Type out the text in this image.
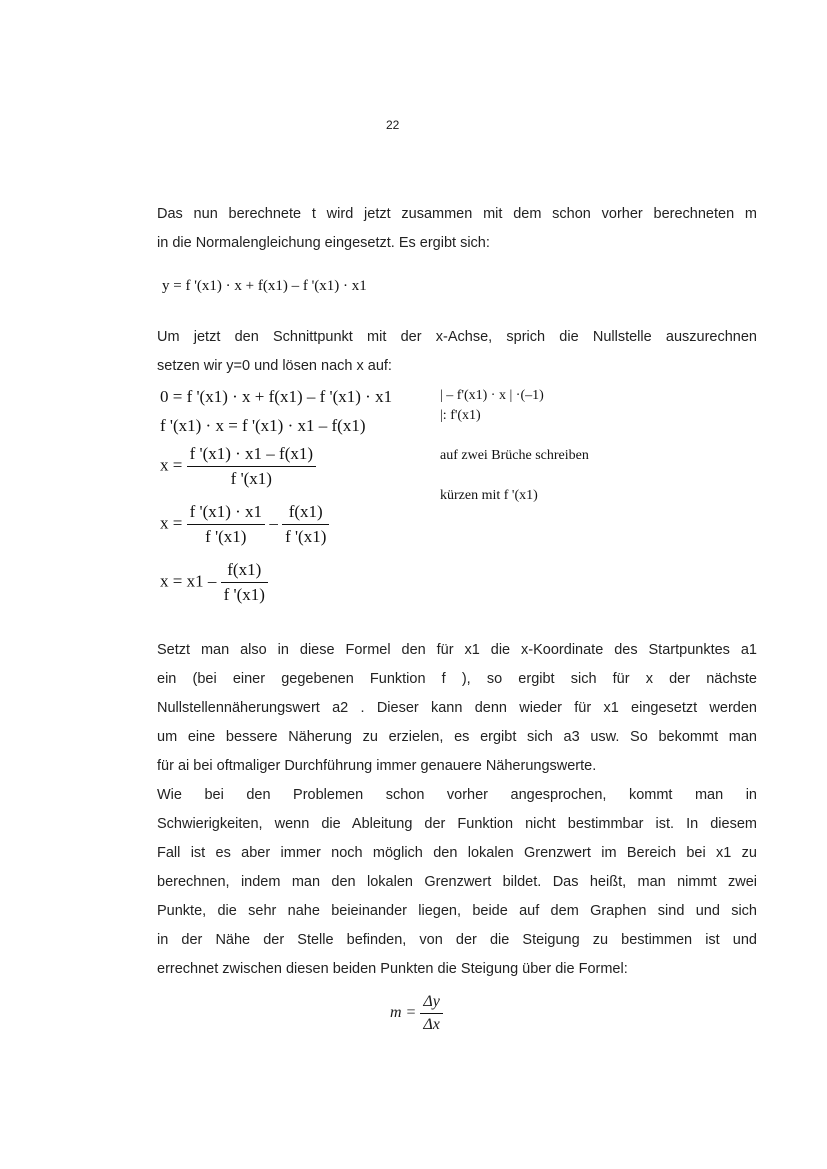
22
Das nun berechnete t wird jetzt zusammen mit dem schon vorher berechneten m
in die Normalengleichung eingesetzt. Es ergibt sich:
y = f '(x1) · x + f(x1) – f '(x1) · x1
Um jetzt den Schnittpunkt mit der x-Achse, sprich die Nullstelle auszurechnen
setzen wir y=0 und lösen nach x auf:
0 = f '(x1) · x + f(x1) – f '(x1) · x1
f '(x1) · x = f '(x1) · x1 – f(x1)
$x = \frac{f '(x1) \cdot x1 - f(x1)}{f '(x1)}$
$x = \frac{f '(x1) \cdot x1}{f '(x1)} - \frac{f(x1)}{f '(x1)}$
$x = x1 - \frac{f(x1)}{f '(x1)}$
| – f'(x1) · x | ·(–1)
|: f'(x1)
auf zwei Brüche schreiben
kürzen mit f '(x1)
Setzt man also in diese Formel den für x1 die x-Koordinate des Startpunktes a1
ein (bei einer gegebenen Funktion f ), so ergibt sich für x der nächste
Nullstellennäherungswert a2 . Dieser kann denn wieder für x1 eingesetzt werden
um eine bessere Näherung zu erzielen, es ergibt sich a3 usw. So bekommt man
für ai bei oftmaliger Durchführung immer genauere Näherungswerte.
Wie bei den Problemen schon vorher angesprochen, kommt man in
Schwierigkeiten, wenn die Ableitung der Funktion nicht bestimmbar ist. In diesem
Fall ist es aber immer noch möglich den lokalen Grenzwert im Bereich bei x1 zu
berechnen, indem man den lokalen Grenzwert bildet. Das heißt, man nimmt zwei
Punkte, die sehr nahe beieinander liegen, beide auf dem Graphen sind und sich
in der Nähe der Stelle befinden, von der die Steigung zu bestimmen ist und
errechnet zwischen diesen beiden Punkten die Steigung über die Formel:
$m = \frac{\Delta y}{\Delta x}$
